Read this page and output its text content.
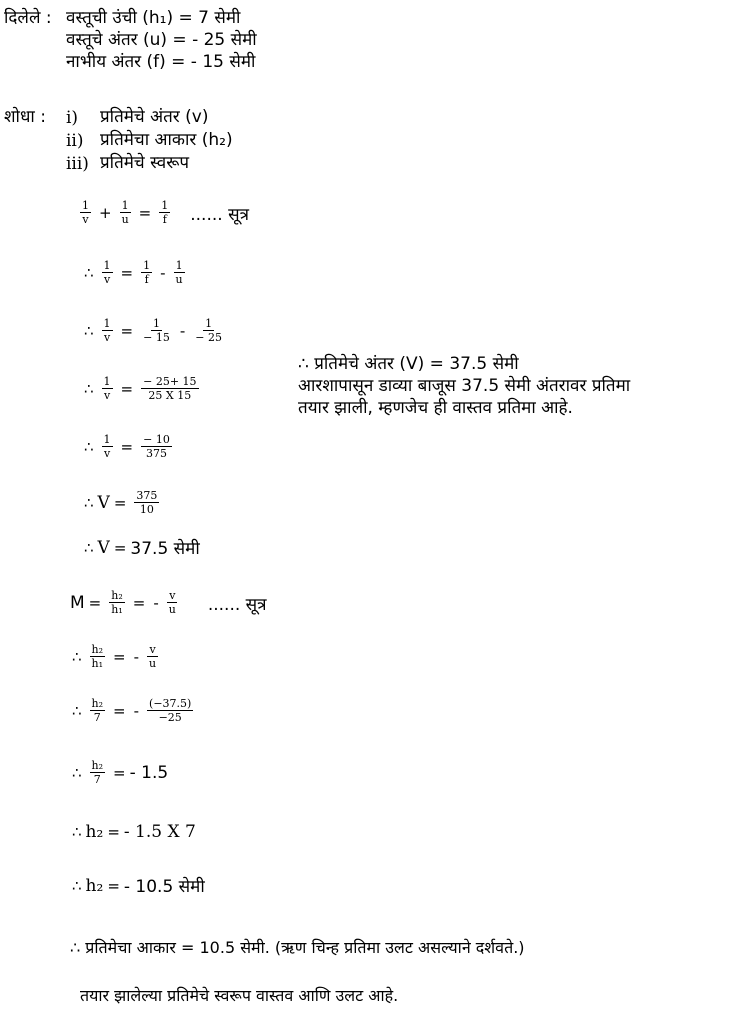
दिलेले : वस्तूची उंची (h₁) = 7 सेमी
वस्तूचे अंतर (u) = - 25 सेमी
नाभीय अंतर (f) = - 15 सेमी
शोधा : i) प्रतिमेचे अंतर (v)
ii) प्रतिमेचा आकार (h₂)
iii) प्रतिमेचे स्वरूप
$\frac{1}{v} + \frac{1}{u} = \frac{1}{f}$ ...... सूत्र
∴ $\frac{1}{v} = \frac{1}{f} - \frac{1}{u}$
∴ $\frac{1}{v} = \frac{1}{- 15} - \frac{1}{- 25}$
∴ $\frac{1}{v} = \frac{- 25+ 15}{25 X 15}$
∴ $\frac{1}{v} = \frac{- 10}{375}$
∴ $V = \frac{375}{10}$
∴ V = 37.5 सेमी
$M = \frac{\text{h₂}}{\text{h₁}}$ = - $\frac{v}{u}$ ...... सूत्र
∴ $\frac{\text{h₂}}{\text{h₁}}$ = - $\frac{v}{u}$
∴ $\frac{\text{h₂}}{7}$ = - $\frac{(-37.5)}{-25}$
∴ $\frac{\text{h₂}}{7}$ = - 1.5
∴ h₂ = - 1.5 X 7
∴ h₂ = - 10.5 सेमी
∴ प्रतिमेचे अंतर (V) = 37.5 सेमी
आरशापासून डाव्या बाजूस 37.5 सेमी अंतरावर प्रतिमा
तयार झाली, म्हणजेच ही वास्तव प्रतिमा आहे.
∴ प्रतिमेचा आकार = 10.5 सेमी. (ऋण चिन्ह प्रतिमा उलट असल्याने दर्शवते.)
तयार झालेल्या प्रतिमेचे स्वरूप वास्तव आणि उलट आहे.
